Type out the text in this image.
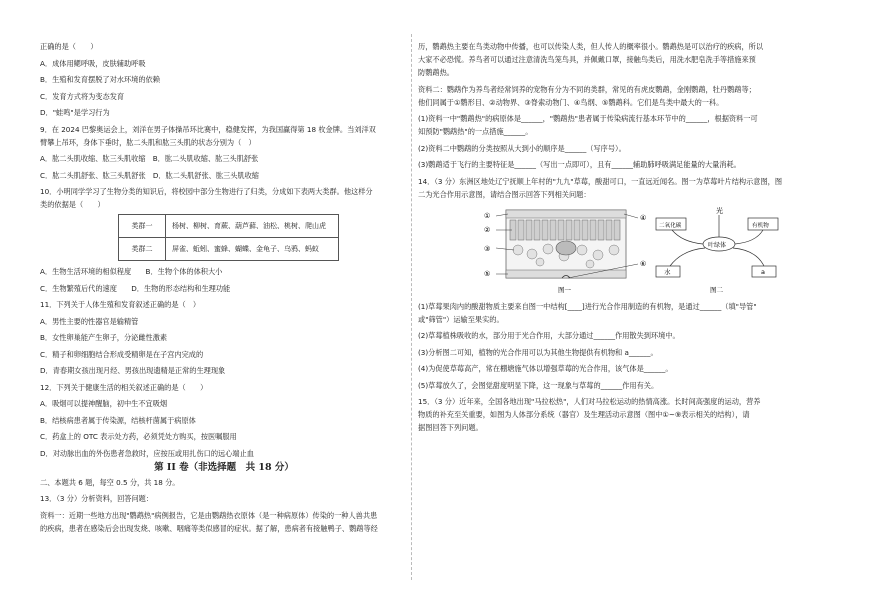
正确的是（　　）
A．成体用鳃呼吸，皮肤辅助呼吸
B．生殖和发育摆脱了对水环境的依赖
C．发育方式将为变态发育
D．"蛙鸣"是学习行为
9．在 2024 巴黎奥运会上，刘洋在男子体操吊环比赛中，稳健发挥，为我国赢得第 18 枚金牌。当刘洋双
臂攀上吊环，身体下垂时，肱二头肌和肱三头肌的状态分别为（　）
A．肱二头肌收缩、肱三头肌收缩　B．肱二头肌收缩、肱三头肌舒张
C．肱二头肌舒张、肱三头肌舒张　D．肱二头肌舒张、肱三头肌收缩
10．小明同学学习了生物分类的知识后，将校园中部分生物进行了归类，分成如下表两大类群。他这样分
类的依据是（　　）
类群一	杨树、柳树、育蕨、葫芦藓、油松、桃树、爬山虎
类群二	屏雀、蚯蚓、蜜蜂、蝴蝶、金龟子、乌鸦、蚂蚁
A．生物生活环境的相似程度　　B．生物个体的体积大小
C．生物繁殖后代的速度　　D．生物的形态结构和生理功能
11．下列关于人体生殖和发育叙述正确的是（　）
A．男性主要的性器官是输精管
B．女性卵巢能产生卵子，分泌雌性激素
C．精子和卵细胞结合形成受精卵是在子宫内完成的
D．青春期女孩出现月经、男孩出现遗精是正常的生理现象
12．下列关于健康生活的相关叙述正确的是（　　）
A．吸烟可以提神醒脑，初中生不宜吸烟
B．结核病患者属于传染源，结核杆菌属于病原体
C．药盒上的 OTC 表示处方药，必须凭处方购买，按医嘱服用
D．对动脉出血的外伤患者急救时，应按压或用扎伤口的远心端止血
第 II 卷（非选择题　共 18 分）
二、本题共 6 题，每空 0.5 分，共 18 分。
13．（3 分）分析资料，回答问题：
资料一：近期一些地方出现"鹦鹉热"病例报告，它是由鹦鹉热衣原体（是一种病原体）传染的一种人兽共患
的疾病，患者在感染后会出现发烧、咳嗽、咽痛等类似感冒的症状。据了解，患病者有接触鸭子、鹦鹉等经
历，鹦鹉热主要在鸟类动物中传播，也可以传染人类，但人传人的概率很小。鹦鹉热是可以治疗的疾病，所以
大家不必恐慌。养鸟者可以通过注意清洗鸟笼鸟具，并佩戴口罩，接触鸟类后，用洗水肥皂洗手等措施来预
防鹦鹉热。
资料二：鹦鹉作为养鸟者经常饲养的宠物有分为不同的类群，常见的有虎皮鹦鹉，金刚鹦鹉，牡丹鹦鹉等；
他们同属于①鹦形目、②动物界、③脊索动物门、④鸟纲、⑤鹦鹉科。它们是鸟类中最大的一科。
(1)资料一中"鹦鹉热"的病原体是______，"鹦鹉热"患者属于传染病流行基本环节中的______，根据资料一可
知预防"鹦鹉热"的一点措施______。
(2)资料二中鹦鹉的分类按照从大到小的顺序是______（写序号）。
(3)鹦鹉适于飞行的主要特征是______（写出一点即可），且有______辅助肺呼吸满足能量的大量消耗。
14．（3 分）东洲区地处辽宁抚顺上年村的"九九"草莓，酸甜可口，一直远近闻名。图一为草莓叶片结构示意图，图
二为光合作用示意图，请结合图示回答下列相关问题：
①
②
③
⑤
④
⑥
图一
光
二氧化碳	有机物
叶绿体
水	a
图二
(1)草莓果肉内的酸甜物质主要来自图一中结构[____]进行光合作用制造的有机物，是通过______（填"导管"
或"筛管"）运输至果实的。
(2)草莓植株吸收的水，部分用于光合作用，大部分通过______作用散失到环境中。
(3)分析图二可知，植物的光合作用可以为其他生物提供有机物和 a______。
(4)为促使草莓高产，常在棚塘施气体以增强草莓的光合作用，该气体是______。
(5)草莓放久了，会图觉甜度明显下降，这一现象与草莓的______作用有关。
15．（3 分）近年来，全国各地出现"马拉松热"，人们对马拉松运动的热情高涨。长时间高强度的运动，营养
物质的补充至关重要，如图为人体部分系统（器官）及生理活动示意图（图中①~⑨表示相关的结构），请
据图回答下列问题。
